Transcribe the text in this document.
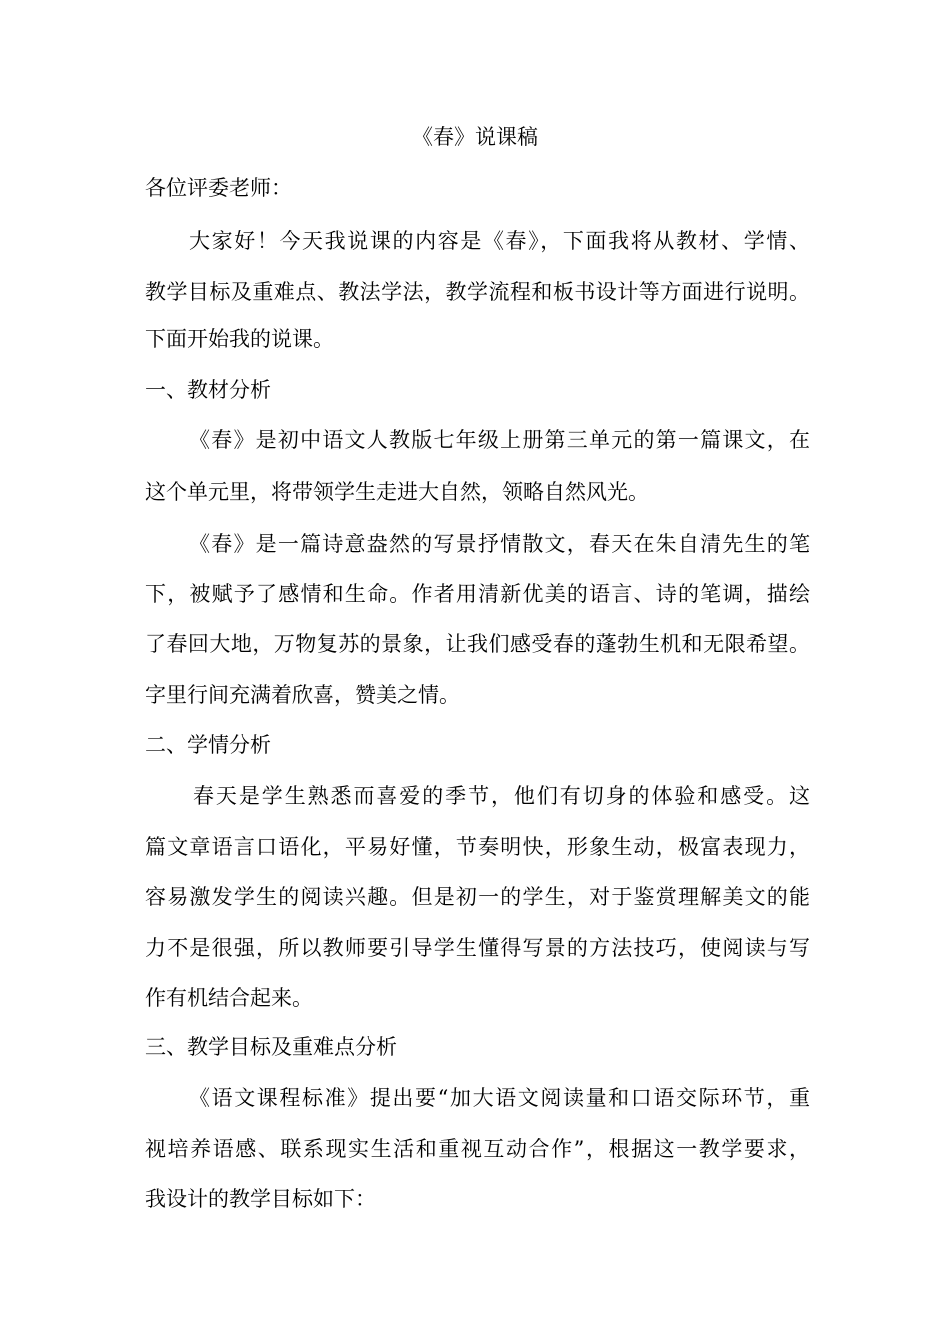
《春》说课稿
各位评委老师：
大家好！今天我说课的内容是《春》，下面我将从教材、学情、
教学目标及重难点、教法学法，教学流程和板书设计等方面进行说明。
下面开始我的说课。
一、教材分析
《春》是初中语文人教版七年级上册第三单元的第一篇课文，在
这个单元里，将带领学生走进大自然，领略自然风光。
《春》是一篇诗意盎然的写景抒情散文，春天在朱自清先生的笔
下，被赋予了感情和生命。作者用清新优美的语言、诗的笔调，描绘
了春回大地，万物复苏的景象，让我们感受春的蓬勃生机和无限希望。
字里行间充满着欣喜，赞美之情。
二、学情分析
春天是学生熟悉而喜爱的季节，他们有切身的体验和感受。这
篇文章语言口语化，平易好懂，节奏明快，形象生动，极富表现力，
容易激发学生的阅读兴趣。但是初一的学生，对于鉴赏理解美文的能
力不是很强，所以教师要引导学生懂得写景的方法技巧，使阅读与写
作有机结合起来。
三、教学目标及重难点分析
《语文课程标准》提出要“加大语文阅读量和口语交际环节，重
视培养语感、联系现实生活和重视互动合作”，根据这一教学要求，
我设计的教学目标如下：
